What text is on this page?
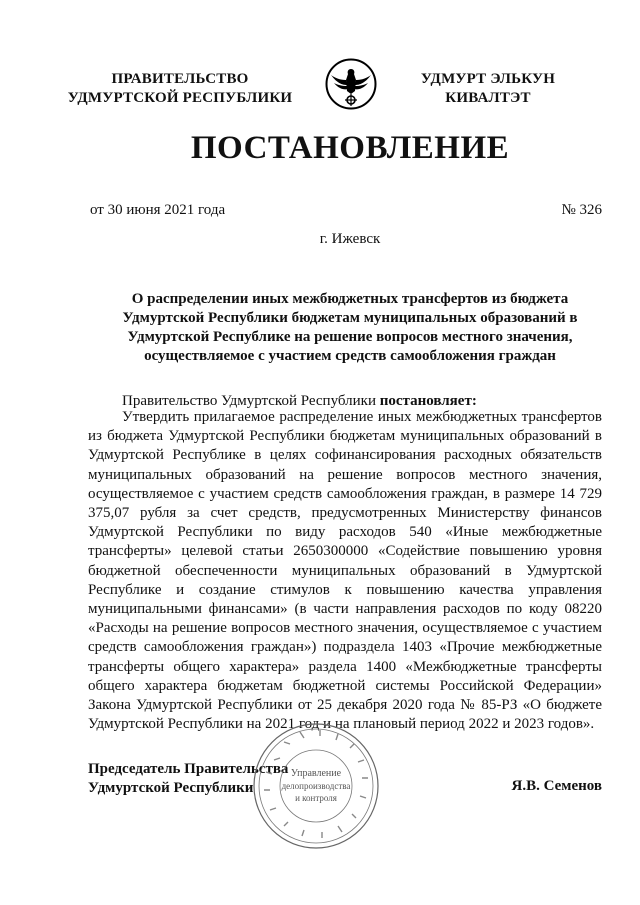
ПРАВИТЕЛЬСТВО
УДМУРТСКОЙ РЕСПУБЛИКИ
УДМУРТ ЭЛЬКУН
КИВАЛТЭТ
ПОСТАНОВЛЕНИЕ
от 30 июня 2021 года	№ 326
г. Ижевск
О распределении иных межбюджетных трансфертов из бюджета
Удмуртской Республики бюджетам муниципальных образований в
Удмуртской Республике на решение вопросов местного значения,
осуществляемое с участием средств самообложения граждан
Правительство Удмуртской Республики постановляет:
Утвердить прилагаемое распределение иных межбюджетных трансфертов из бюджета Удмуртской Республики бюджетам муниципальных образований в Удмуртской Республике в целях софинансирования расходных обязательств муниципальных образований на решение вопросов местного значения, осуществляемое с участием средств самообложения граждан, в размере 14 729 375,07 рубля за счет средств, предусмотренных Министерству финансов Удмуртской Республики по виду расходов 540 «Иные межбюджетные трансферты» целевой статьи 2650300000 «Содействие повышению уровня бюджетной обеспеченности муниципальных образований в Удмуртской Республике и создание стимулов к повышению качества управления муниципальными финансами» (в части направления расходов по коду 08220 «Расходы на решение вопросов местного значения, осуществляемое с участием средств самообложения граждан») подраздела 1403 «Прочие межбюджетные трансферты общего характера» раздела 1400 «Межбюджетные трансферты общего характера бюджетам бюджетной системы Российской Федерации» Закона Удмуртской Республики от 25 декабря 2020 года № 85-РЗ «О бюджете Удмуртской Республики на 2021 год и на плановый период 2022 и 2023 годов».
Председатель Правительства
Удмуртской Республики
Управление
делопроизводства
и контроля
Я.В. Семенов
